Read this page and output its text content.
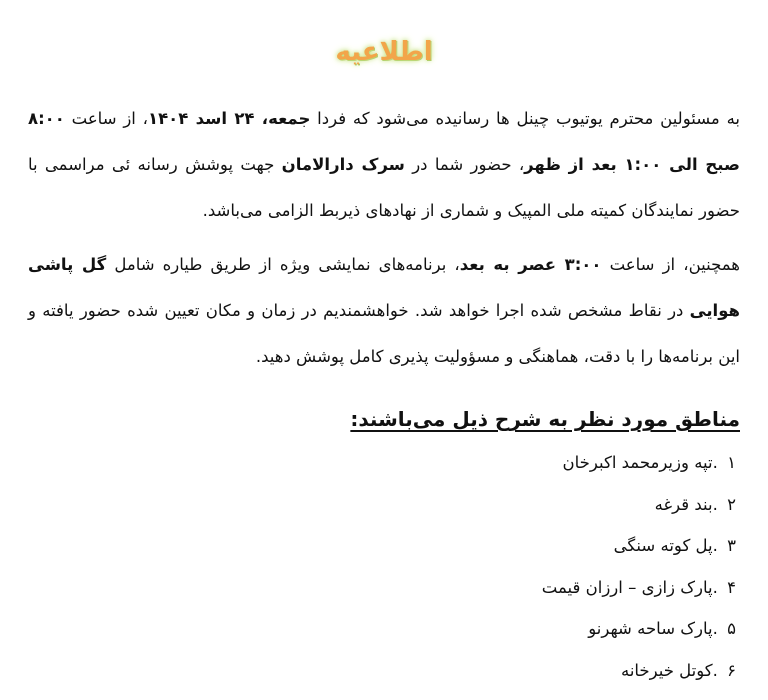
اطلاعیه

به مسئولین محترم یوتیوب چینل ها رسانیده می‌شود که فردا جمعه، ۲۴ اسد ۱۴۰۴، از ساعت ۸:۰۰ صبح الی ۱:۰۰ بعد از ظهر، حضور شما در سرک دارالامان جهت پوشش رسانه ئی مراسمی با حضور نمایندگان کمیته ملی المپیک و شماری از نهادهای ذیربط الزامی می‌باشد.

همچنین، از ساعت ۳:۰۰ عصر به بعد، برنامه‌های نمایشی ویژه از طریق طیاره شامل گل پاشی هوایی در نقاط مشخص شده اجرا خواهد شد. خواهشمندیم در زمان و مکان تعیین شده حضور یافته و این برنامه‌ها را با دقت، هماهنگی و مسؤولیت پذیری کامل پوشش دهید.

مناطق مورد نظر به شرح ذیل می‌باشند:
۱ .تپه وزیرمحمد اکبرخان
۲ .بند قرغه
۳ .پل کوته سنگی
۴ .پارک زازی – ارزان قیمت
۵ .پارک ساحه شهرنو
۶ .کوتل خیرخانه
